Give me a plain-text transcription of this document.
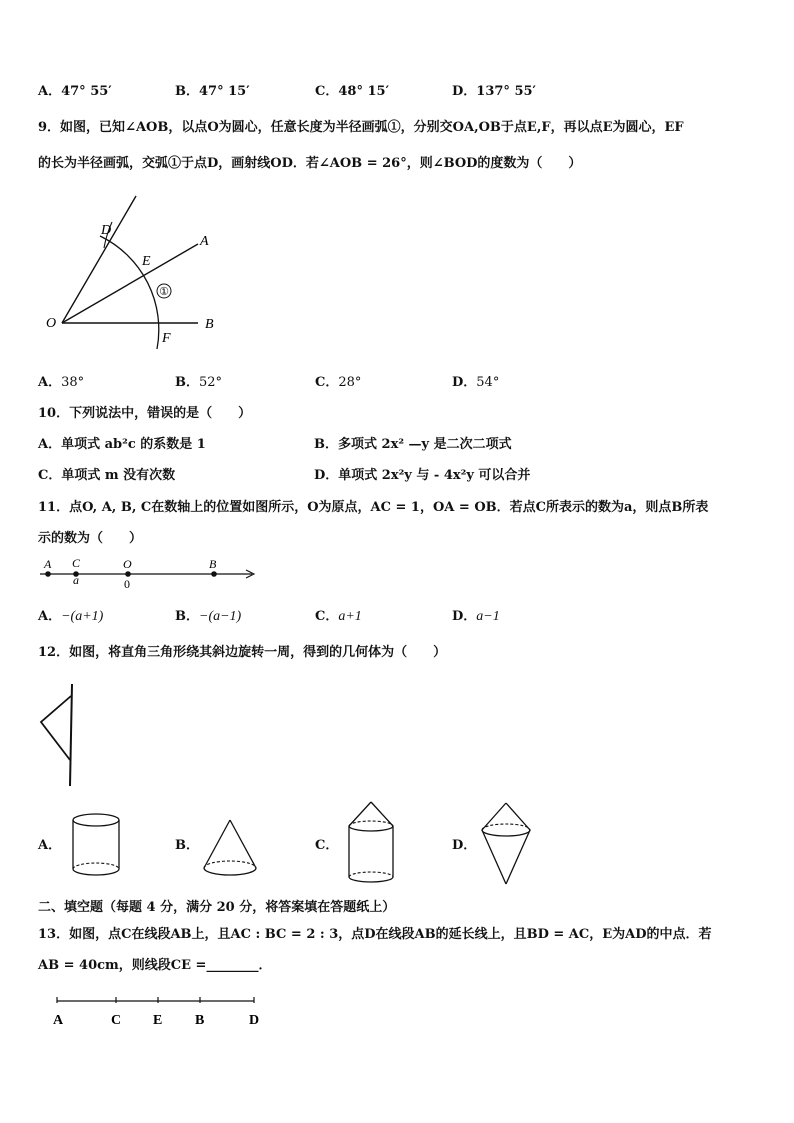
A．47° 55′	B．47° 15′	C．48° 15′	D．137° 55′
9．如图，已知∠AOB，以点O为圆心，任意长度为半径画弧①，分别交OA,OB于点E,F，再以点E为圆心，EF
的长为半径画弧，交弧①于点D，画射线OD．若∠AOB = 26°，则∠BOD的度数为（　　）
①
D
E
A
O	B
F
A．38°	B．52°	C．28°	D．54°
10．下列说法中，错误的是（　　）
A．单项式 ab²c 的系数是 1	B．多项式 2x² —y 是二次二项式
C．单项式 m 没有次数	D．单项式 2x²y 与 - 4x²y 可以合并
11．点O, A, B, C在数轴上的位置如图所示，O为原点，AC = 1，OA = OB．若点C所表示的数为a，则点B所表
示的数为（　　）
A C
a
O
0
B
A．−(a+1)	B．−(a−1)	C．a+1	D．a−1
12．如图，将直角三角形绕其斜边旋转一周，得到的几何体为（　　）
A．	B．	C．	D．
二、填空题（每题 4 分，满分 20 分，将答案填在答题纸上）
13．如图，点C在线段AB上，且AC : BC = 2 : 3，点D在线段AB的延长线上，且BD = AC，E为AD的中点．若
AB = 40cm，则线段CE =________．
A	C E B	D
